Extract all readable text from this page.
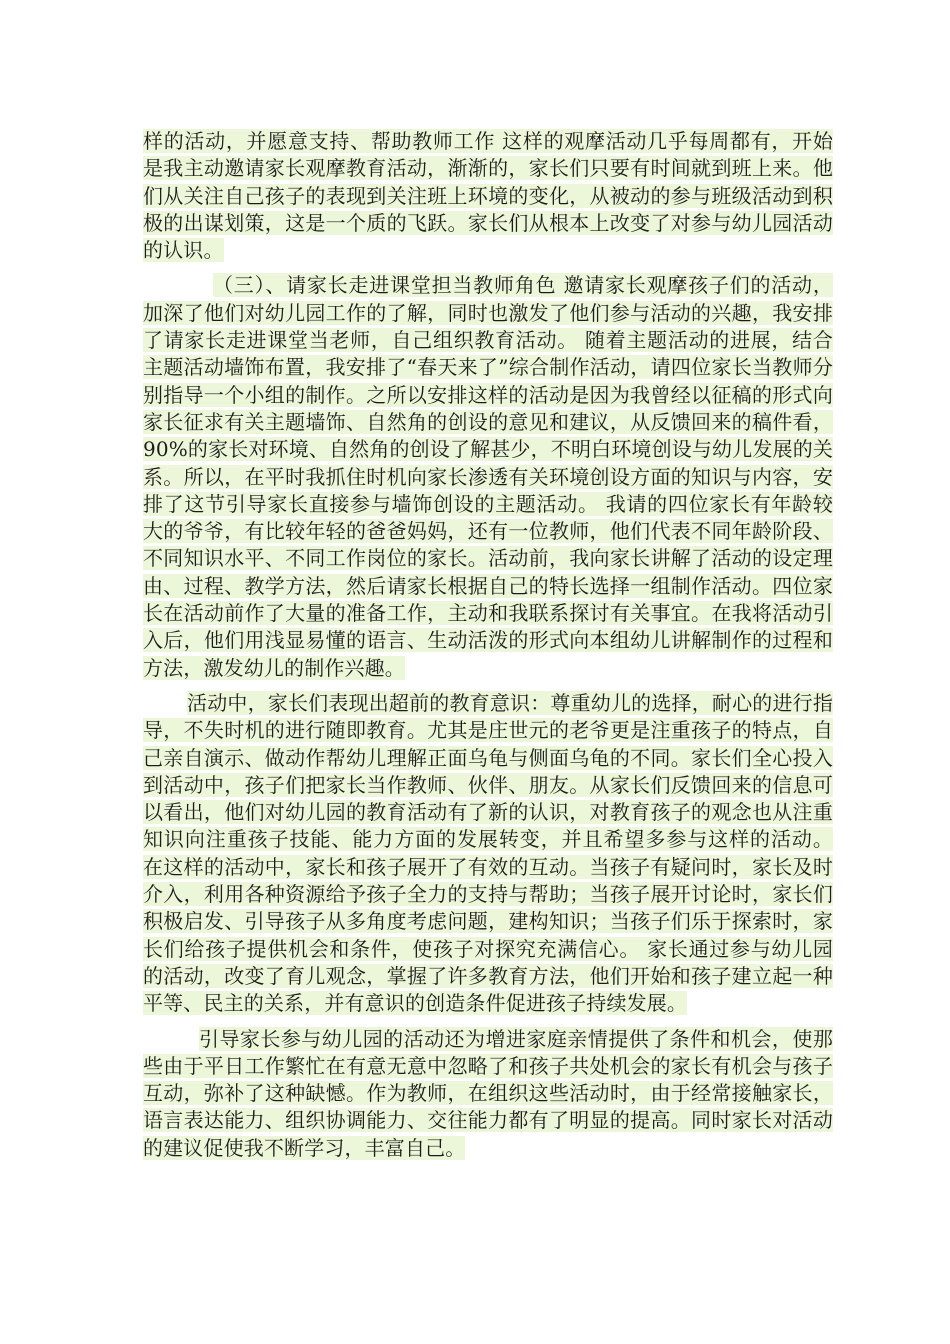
样的活动，并愿意支持、帮助教师工作 这样的观摩活动几乎每周都有，开始是我主动邀请家长观摩教育活动，渐渐的，家长们只要有时间就到班上来。他们从关注自己孩子的表现到关注班上环境的变化，从被动的参与班级活动到积极的出谋划策，这是一个质的飞跃。家长们从根本上改变了对参与幼儿园活动的认识。

（三）、请家长走进课堂担当教师角色 邀请家长观摩孩子们的活动，加深了他们对幼儿园工作的了解，同时也激发了他们参与活动的兴趣，我安排了请家长走进课堂当老师，自己组织教育活动。 随着主题活动的进展，结合主题活动墙饰布置，我安排了“春天来了”综合制作活动，请四位家长当教师分别指导一个小组的制作。之所以安排这样的活动是因为我曾经以征稿的形式向家长征求有关主题墙饰、自然角的创设的意见和建议，从反馈回来的稿件看，90%的家长对环境、自然角的创设了解甚少，不明白环境创设与幼儿发展的关系。所以，在平时我抓住时机向家长渗透有关环境创设方面的知识与内容，安排了这节引导家长直接参与墙饰创设的主题活动。 我请的四位家长有年龄较大的爷爷，有比较年轻的爸爸妈妈，还有一位教师，他们代表不同年龄阶段、不同知识水平、不同工作岗位的家长。活动前，我向家长讲解了活动的设定理由、过程、教学方法，然后请家长根据自己的特长选择一组制作活动。四位家长在活动前作了大量的准备工作，主动和我联系探讨有关事宜。在我将活动引入后，他们用浅显易懂的语言、生动活泼的形式向本组幼儿讲解制作的过程和方法，激发幼儿的制作兴趣。

活动中，家长们表现出超前的教育意识：尊重幼儿的选择，耐心的进行指导，不失时机的进行随即教育。尤其是庄世元的老爷更是注重孩子的特点，自己亲自演示、做动作帮幼儿理解正面乌龟与侧面乌龟的不同。家长们全心投入到活动中，孩子们把家长当作教师、伙伴、朋友。从家长们反馈回来的信息可以看出，他们对幼儿园的教育活动有了新的认识，对教育孩子的观念也从注重知识向注重孩子技能、能力方面的发展转变，并且希望多参与这样的活动。 在这样的活动中，家长和孩子展开了有效的互动。当孩子有疑问时，家长及时介入，利用各种资源给予孩子全力的支持与帮助；当孩子展开讨论时，家长们积极启发、引导孩子从多角度考虑问题，建构知识；当孩子们乐于探索时，家长们给孩子提供机会和条件，使孩子对探究充满信心。 家长通过参与幼儿园的活动，改变了育儿观念，掌握了许多教育方法，他们开始和孩子建立起一种平等、民主的关系，并有意识的创造条件促进孩子持续发展。

引导家长参与幼儿园的活动还为增进家庭亲情提供了条件和机会，使那些由于平日工作繁忙在有意无意中忽略了和孩子共处机会的家长有机会与孩子互动，弥补了这种缺憾。作为教师，在组织这些活动时，由于经常接触家长，语言表达能力、组织协调能力、交往能力都有了明显的提高。同时家长对活动的建议促使我不断学习，丰富自己。
